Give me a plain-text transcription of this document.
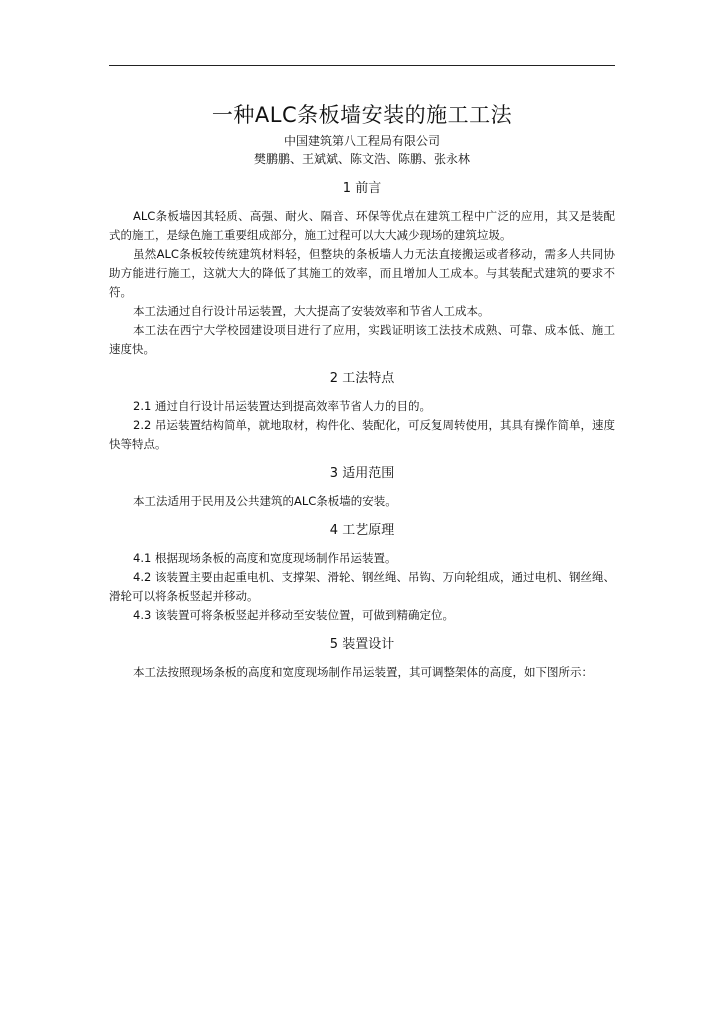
一种ALC条板墙安装的施工工法

中国建筑第八工程局有限公司

樊鹏鹏、王斌斌、陈文浩、陈鹏、张永林

1 前言

ALC条板墙因其轻质、高强、耐火、隔音、环保等优点在建筑工程中广泛的应用，其又是装配式的施工，是绿色施工重要组成部分，施工过程可以大大减少现场的建筑垃圾。

虽然ALC条板较传统建筑材料轻，但整块的条板墙人力无法直接搬运或者移动，需多人共同协助方能进行施工，这就大大的降低了其施工的效率，而且增加人工成本。与其装配式建筑的要求不符。

本工法通过自行设计吊运装置，大大提高了安装效率和节省人工成本。

本工法在西宁大学校园建设项目进行了应用，实践证明该工法技术成熟、可靠、成本低、施工速度快。

2 工法特点

2.1 通过自行设计吊运装置达到提高效率节省人力的目的。

2.2 吊运装置结构简单，就地取材，构件化、装配化，可反复周转使用，其具有操作简单，速度快等特点。

3 适用范围

本工法适用于民用及公共建筑的ALC条板墙的安装。

4 工艺原理

4.1 根据现场条板的高度和宽度现场制作吊运装置。

4.2 该装置主要由起重电机、支撑架、滑轮、钢丝绳、吊钩、万向轮组成，通过电机、钢丝绳、滑轮可以将条板竖起并移动。

4.3 该装置可将条板竖起并移动至安装位置，可做到精确定位。

5 装置设计

本工法按照现场条板的高度和宽度现场制作吊运装置，其可调整架体的高度，如下图所示：
